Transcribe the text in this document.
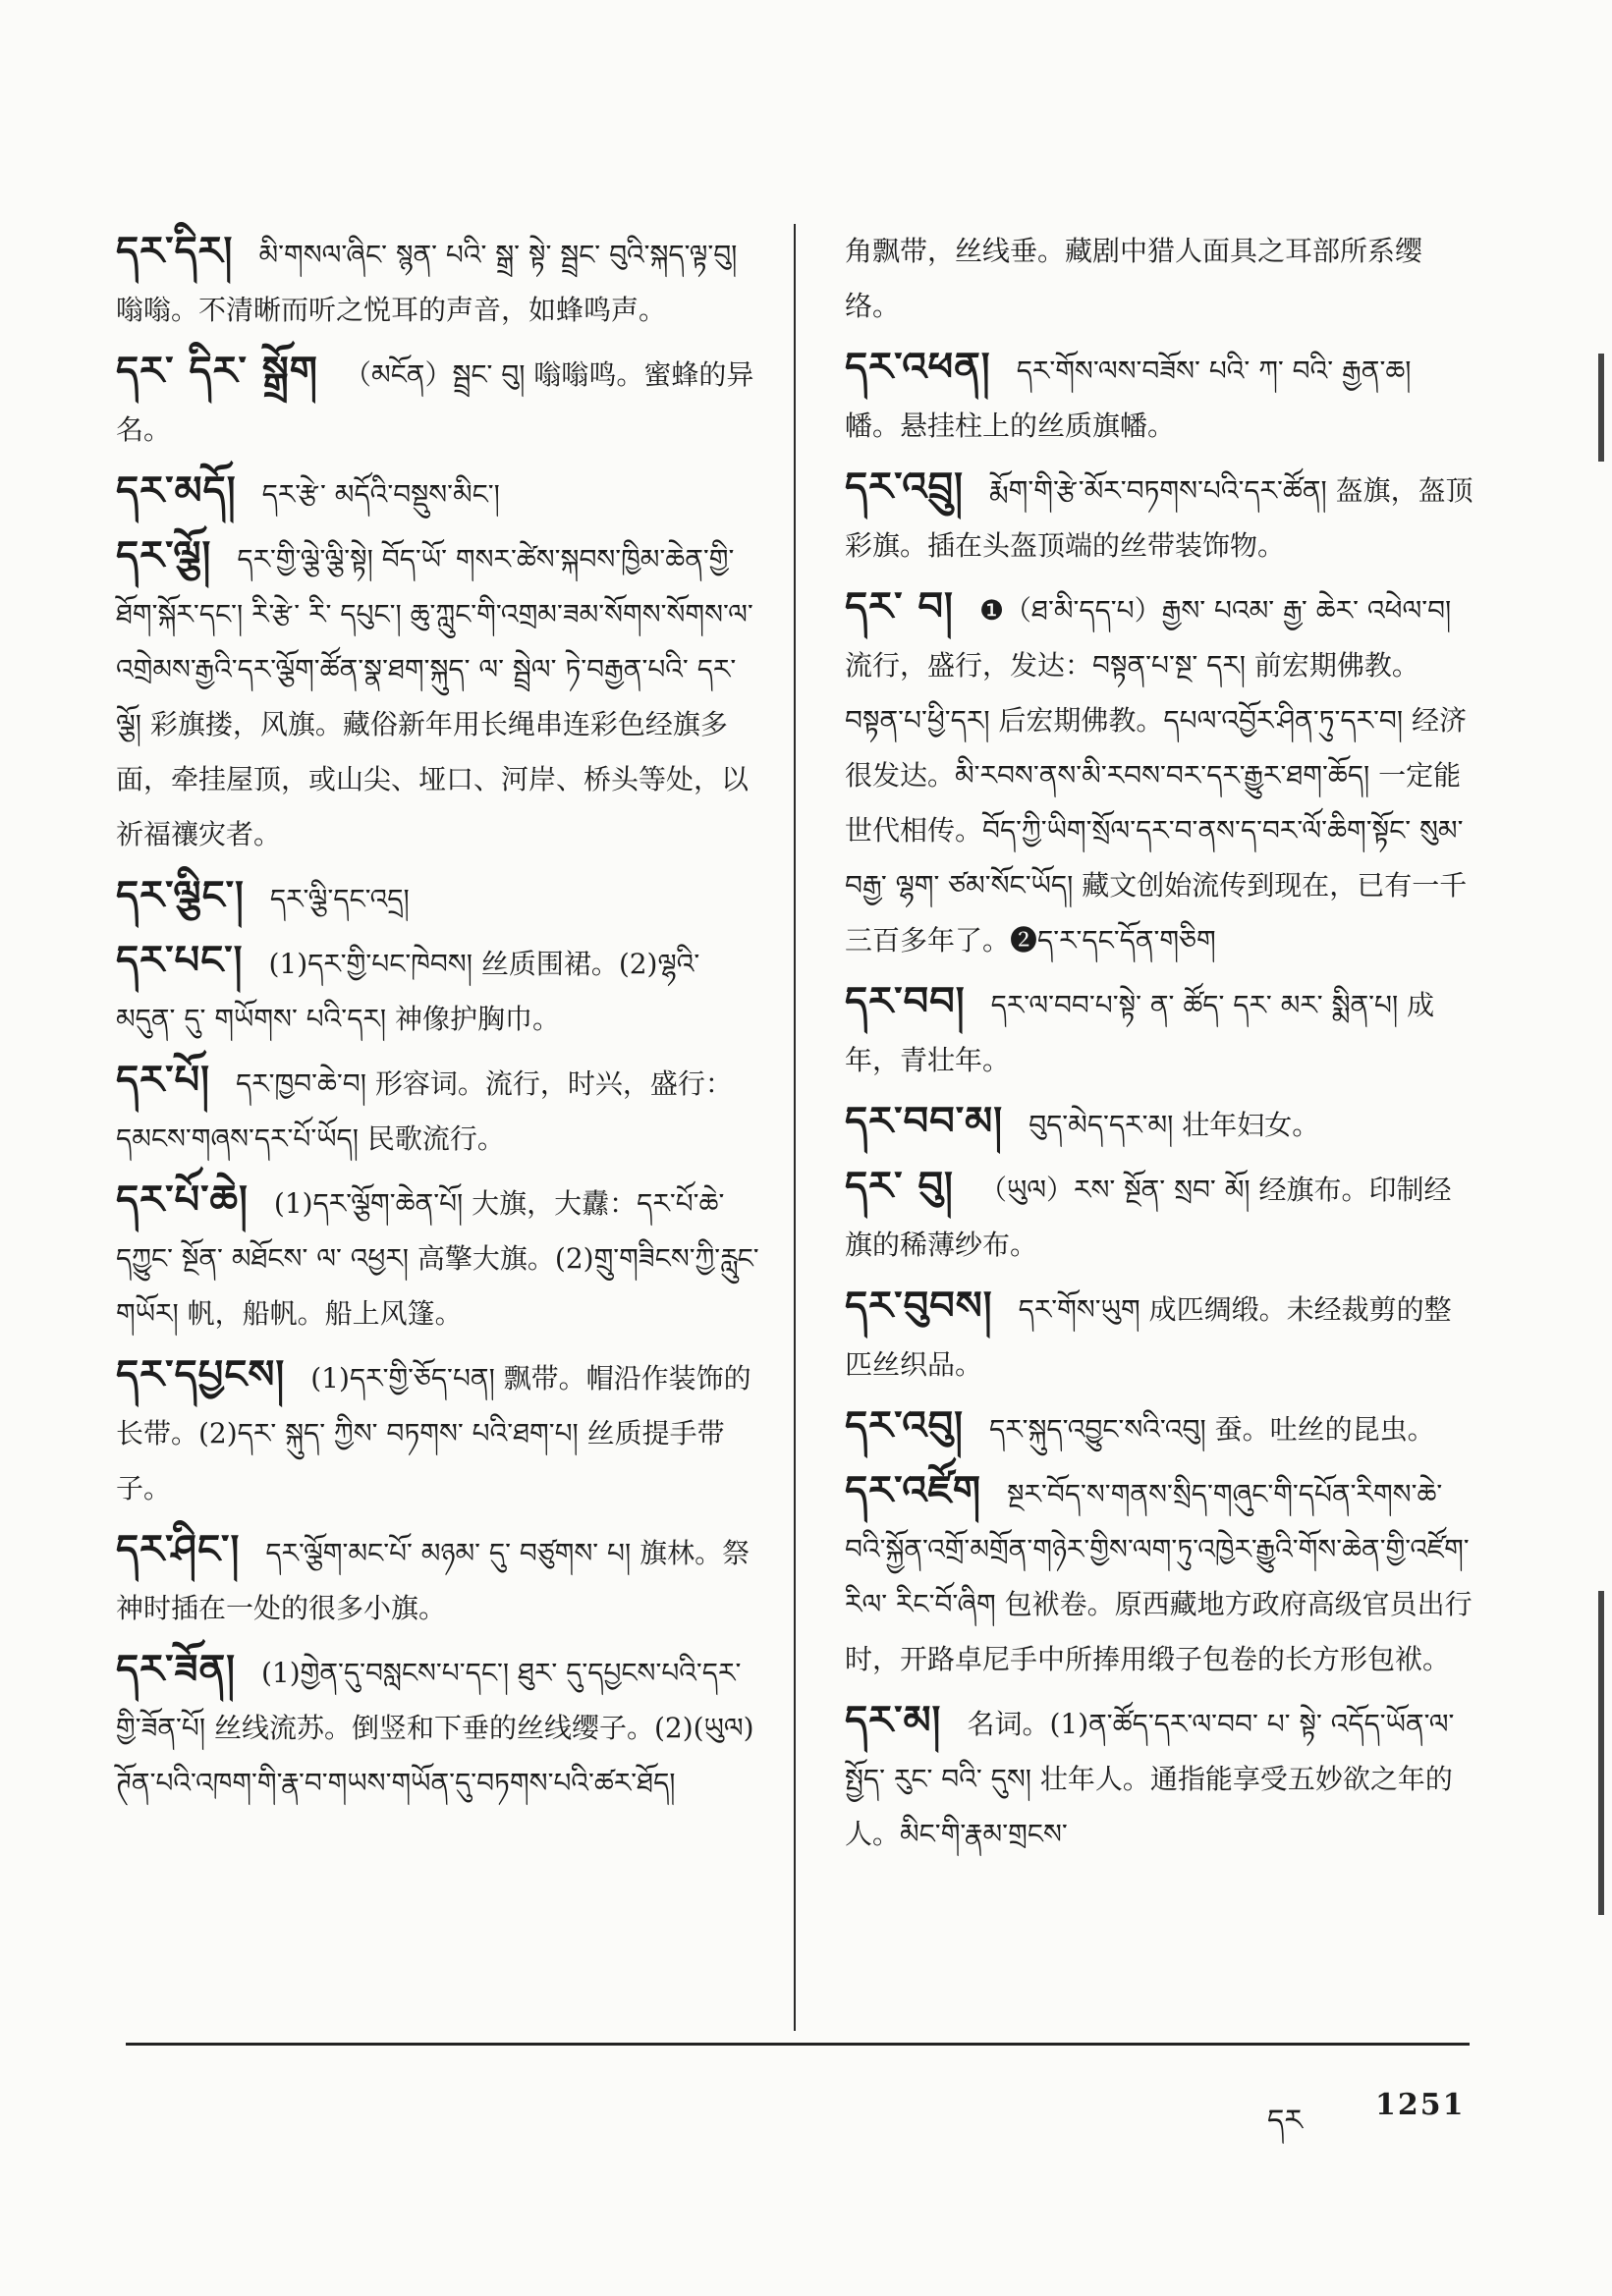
དར་དིར། མི་གསལ་ཞིང་ སྙན་ པའི་ སྒྲ་ སྟེ་ སྦྲང་ བུའི་སྐད་ལྟ་བུ། 嗡嗡。不清晰而听之悦耳的声音，如蜂鸣声。
དར་ དིར་ སྒྲོག （མངོན）སྦྲང་ བུ། 嗡嗡鸣。蜜蜂的异名。
དར་མདོ། དར་རྩེ་ མདོའི་བསྡུས་མིང་།
དར་ལྕོ། དར་གྱི་ལྕེ་ལྕི་སྟེ། བོད་ཡོ་ གསར་ཚེས་སྐབས་ཁྱིམ་ཆེན་གྱི་ཐོག་སྐོར་དང་། རི་རྩེ་ རི་ དཔུང་། ཆུ་ཀླུང་གི་འགྲམ་ཟམ་སོགས་སོགས་ལ་ འགྲེམས་རྒྱའི་དར་ལྕོག་ཚོན་སྣ་ཐག་སྐུད་ ལ་ སྦྲེལ་ ཏེ་བརྒྱན་པའི་ དར་ ལྕོ། 彩旗搂，风旗。藏俗新年用长绳串连彩色经旗多面，牵挂屋顶，或山尖、垭口、河岸、桥头等处，以祈福禳灾者。
དར་ལྕིང་། དར་ལྕི་དང་འདྲ།
དར་པང་། (1)དར་གྱི་པང་ཁེབས། 丝质围裙。(2)ལྷའི་ མདུན་ དུ་ གཡོགས་ པའི་དར། 神像护胸巾。
དར་པོ། དར་ཁྱབ་ཆེ་བ། 形容词。流行，时兴，盛行：དམངས་གཞས་དར་པོ་ཡོད། 民歌流行。
དར་པོ་ཆེ། (1)དར་ལྕོག་ཆེན་པོ། 大旗，大纛：དར་པོ་ཆེ་ དཀྱུང་ སྔོན་ མཐོངས་ ལ་ འཕྱར། 高擎大旗。(2)གྲུ་གཟིངས་ཀྱི་རླུང་གཡོར། 帆，船帆。船上风篷。
དར་དཔྱངས། (1)དར་གྱི་ཅོད་པན། 飘带。帽沿作装饰的长带。(2)དར་ སྐུད་ ཀྱིས་ བཏགས་ པའི་ཐག་པ། 丝质提手带子。
དར་ཤིང་། དར་ལྕོག་མང་པོ་ མཉམ་ དུ་ བཙུགས་ པ། 旗林。祭神时插在一处的很多小旗。
དར་ཟོན། (1)གྱེན་དུ་བསླངས་པ་དང་། ཐུར་ དུ་དཔྱངས་པའི་དར་གྱི་ཟོན་པོ། 丝线流苏。倒竖和下垂的丝线缨子。(2)(ཡུལ) ཊོན་པའི་འཁག་གི་རྣ་བ་གཡས་གཡོན་དུ་བཏགས་པའི་ཚར་ཐོད།
角飘带，丝线垂。藏剧中猎人面具之耳部所系缨络。
དར་འཕན། དར་གོས་ལས་བཟོས་ པའི་ ཀ་ བའི་ རྒྱན་ཆ། 幡。悬挂柱上的丝质旗幡。
དར་འབྲུ། རྨོག་གི་རྩེ་མོར་བཏགས་པའི་དར་ཚོན། 盔旗，盔顶彩旗。插在头盔顶端的丝带装饰物。
དར་ བ། ❶（ཐ་མི་དད་པ）རྒྱས་ པའམ་ རྒྱ་ ཆེར་ འཕེལ་བ། 流行，盛行，发达：བསྟན་པ་སྔ་ དར། 前宏期佛教。བསྟན་པ་ཕྱི་དར། 后宏期佛教。དཔལ་འབྱོར་ཤིན་ཏུ་དར་བ། 经济很发达。མི་རབས་ནས་མི་རབས་བར་དར་རྒྱུར་ཐག་ཆོད། 一定能世代相传。བོད་ཀྱི་ཡིག་སྲོལ་དར་བ་ནས་ད་བར་ལོ་ཆིག་སྟོང་ སུམ་ བརྒྱ་ ལྷག་ ཙམ་སོང་ཡོད། 藏文创始流传到现在，已有一千三百多年了。❷ད་ར་དང་དོན་གཅིག
དར་བབ། དར་ལ་བབ་པ་སྟེ་ ན་ ཚོད་ དར་ མར་ སྨིན་པ། 成年，青壮年。
དར་བབ་མ། བུད་མེད་དར་མ། 壮年妇女。
དར་ བུ། （ཡུལ）རས་ སྔོན་ སྲབ་ མོ། 经旗布。印制经旗的稀薄纱布。
དར་བུབས། དར་གོས་ཡུག 成匹绸缎。未经裁剪的整匹丝织品。
དར་འབུ། དར་སྐུད་འབྱུང་སའི་འབུ། 蚕。吐丝的昆虫。
དར་འཛོག སྔར་བོད་ས་གནས་སྲིད་གཞུང་གི་དཔོན་རིགས་ཆེ་བའི་སྐྱོན་འགྲོ་མགྲོན་གཉེར་གྱིས་ལག་ཏུ་འཁྱེར་རྒྱུའི་གོས་ཆེན་གྱི་འཛོག་ རིལ་ རིང་བོ་ཞིག 包袱卷。原西藏地方政府高级官员出行时，开路卓尼手中所捧用缎子包卷的长方形包袱。
དར་མ། 名词。(1)ན་ཚོད་དར་ལ་བབ་ པ་ སྟེ་ འདོད་ཡོན་ལ་ སྤྱོད་ རུང་ བའི་ དུས། 壮年人。通指能享受五妙欲之年的人。མིང་གི་རྣམ་གྲངས་
དར 1251
